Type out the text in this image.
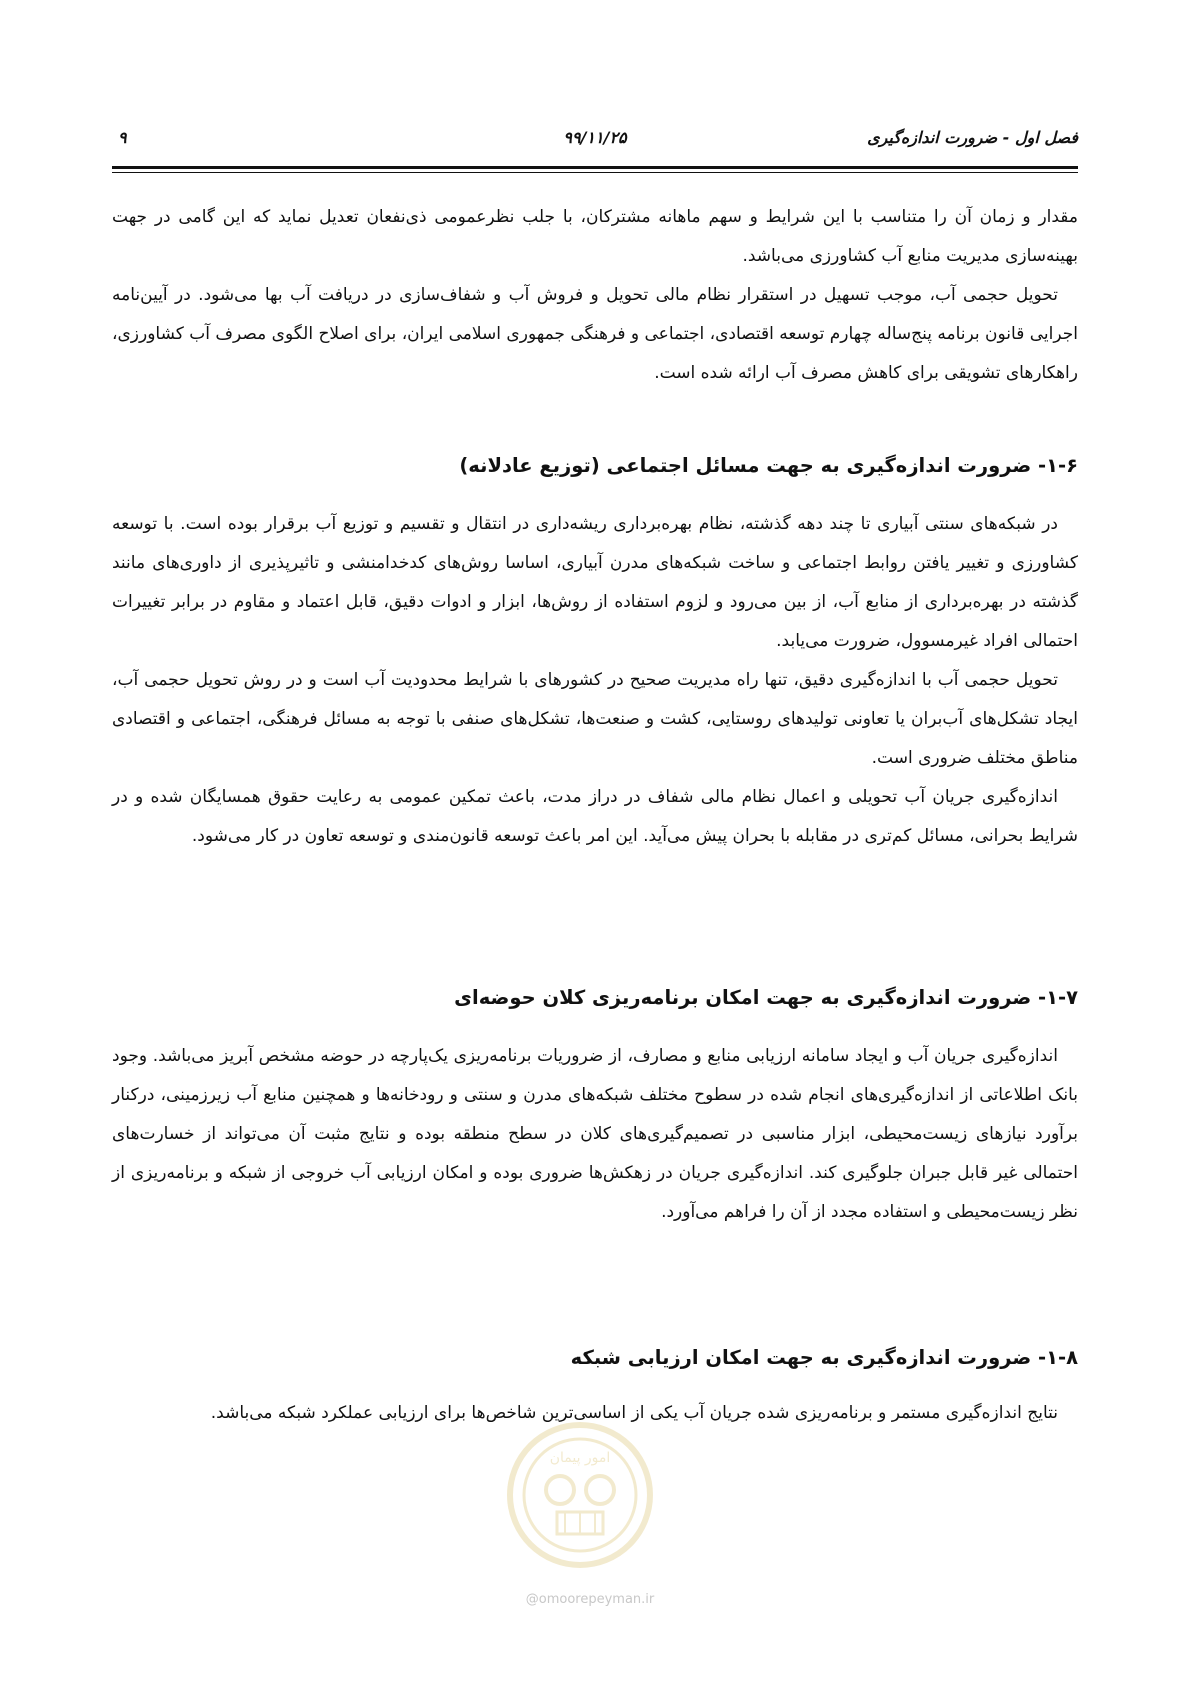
فصل اول - ضرورت اندازه‌گیری
۹۹/۱۱/۲۵
۹

مقدار و زمان آن را متناسب با این شرایط و سهم ماهانه مشترکان، با جلب نظرعمومی ذی‌نفعان تعدیل نماید که این گامی در جهت بهینه‌سازی مدیریت منابع آب کشاورزی می‌باشد.

تحویل حجمی آب، موجب تسهیل در استقرار نظام مالی تحویل و فروش آب و شفاف‌سازی در دریافت آب بها می‌شود. در آیین‌نامه اجرایی قانون برنامه پنج‌ساله چهارم توسعه اقتصادی، اجتماعی و فرهنگی جمهوری اسلامی ایران، برای اصلاح الگوی مصرف آب کشاورزی، راهکارهای تشویقی برای کاهش مصرف آب ارائه شده است.

۱-۶- ضرورت اندازه‌گیری به جهت مسائل اجتماعی (توزیع عادلانه)

در شبکه‌های سنتی آبیاری تا چند دهه گذشته، نظام بهره‌برداری ریشه‌داری در انتقال و تقسیم و توزیع آب برقرار بوده است. با توسعه کشاورزی و تغییر یافتن روابط اجتماعی و ساخت شبکه‌های مدرن آبیاری، اساسا روش‌های کدخدامنشی و تاثیرپذیری از داوری‌های مانند گذشته در بهره‌برداری از منابع آب، از بین می‌رود و لزوم استفاده از روش‌ها، ابزار و ادوات دقیق، قابل اعتماد و مقاوم در برابر تغییرات احتمالی افراد غیرمسوول، ضرورت می‌یابد.

تحویل حجمی آب با اندازه‌گیری دقیق، تنها راه مدیریت صحیح در کشورهای با شرایط محدودیت آب است و در روش تحویل حجمی آب، ایجاد تشکل‌های آب‌بران یا تعاونی تولیدهای روستایی، کشت و صنعت‌ها، تشکل‌های صنفی با توجه به مسائل فرهنگی، اجتماعی و اقتصادی مناطق مختلف ضروری است.

اندازه‌گیری جریان آب تحویلی و اعمال نظام مالی شفاف در دراز مدت، باعث تمکین عمومی به رعایت حقوق همسایگان شده و در شرایط بحرانی، مسائل کم‌تری در مقابله با بحران پیش می‌آید. این امر باعث توسعه قانون‌مندی و توسعه تعاون در کار می‌شود.

۱-۷- ضرورت اندازه‌گیری به جهت امکان برنامه‌ریزی کلان حوضه‌ای

اندازه‌گیری جریان آب و ایجاد سامانه ارزیابی منابع و مصارف، از ضروریات برنامه‌ریزی یک‌پارچه در حوضه مشخص آبریز می‌باشد. وجود بانک اطلاعاتی از اندازه‌گیری‌های انجام شده در سطوح مختلف شبکه‌های مدرن و سنتی و رودخانه‌ها و همچنین منابع آب زیرزمینی، درکنار برآورد نیازهای زیست‌محیطی، ابزار مناسبی در تصمیم‌گیری‌های کلان در سطح منطقه بوده و نتایج مثبت آن می‌تواند از خسارت‌های احتمالی غیر قابل جبران جلوگیری کند. اندازه‌گیری جریان در زهکش‌ها ضروری بوده و امکان ارزیابی آب خروجی از شبکه و برنامه‌ریزی از نظر زیست‌محیطی و استفاده مجدد از آن را فراهم می‌آورد.

۱-۸- ضرورت اندازه‌گیری به جهت امکان ارزیابی شبکه

نتایج اندازه‌گیری مستمر و برنامه‌ریزی شده جریان آب یکی از اساسی‌ترین شاخص‌ها برای ارزیابی عملکرد شبکه می‌باشد.

امور پیمان
@omoorepeyman.ir
